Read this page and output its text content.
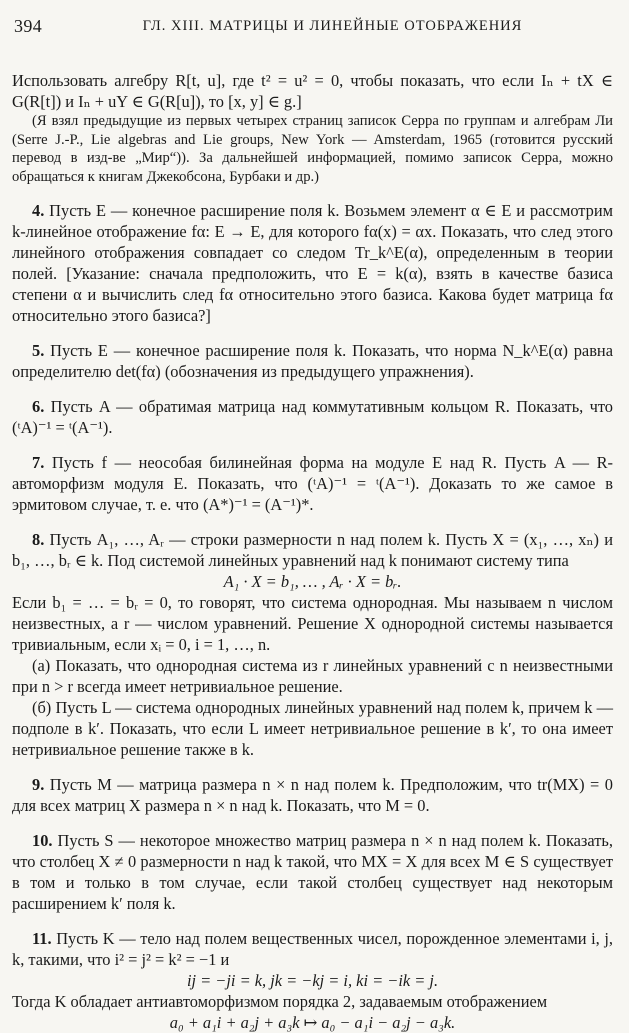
394	ГЛ. XIII. МАТРИЦЫ И ЛИНЕЙНЫЕ ОТОБРАЖЕНИЯ

Использовать алгебру R[t, u], где t² = u² = 0, чтобы показать, что если Iₙ + tX ∈ G(R[t]) и Iₙ + uY ∈ G(R[u]), то [x, y] ∈ g.]

(Я взял предыдущие из первых четырех страниц записок Серра по группам и алгебрам Ли (Serre J.-P., Lie algebras and Lie groups, New York — Amsterdam, 1965 (готовится русский перевод в изд-ве „Мир“)). За дальнейшей информацией, помимо записок Серра, можно обращаться к книгам Джекобсона, Бурбаки и др.)

4. Пусть E — конечное расширение поля k. Возьмем элемент α ∈ E и рассмотрим k-линейное отображение fα: E → E, для которого fα(x) = αx. Показать, что след этого линейного отображения совпадает со следом Tr_k^E(α), определенным в теории полей. [Указание: сначала предположить, что E = k(α), взять в качестве базиса степени α и вычислить след fα относительно этого базиса. Какова будет матрица fα относительно этого базиса?]

5. Пусть E — конечное расширение поля k. Показать, что норма N_k^E(α) равна определителю det(fα) (обозначения из предыдущего упражнения).

6. Пусть A — обратимая матрица над коммутативным кольцом R. Показать, что (ᵗA)⁻¹ = ᵗ(A⁻¹).

7. Пусть f — неособая билинейная форма на модуле E над R. Пусть A — R-автоморфизм модуля E. Показать, что (ᵗA)⁻¹ = ᵗ(A⁻¹). Доказать то же самое в эрмитовом случае, т. е. что (A*)⁻¹ = (A⁻¹)*.

8. Пусть A₁, …, Aᵣ — строки размерности n над полем k. Пусть X = (x₁, …, xₙ) и b₁, …, bᵣ ∈ k. Под системой линейных уравнений над k понимают систему типа

A₁ · X = b₁, … , Aᵣ · X = bᵣ.

Если b₁ = … = bᵣ = 0, то говорят, что система однородная. Мы называем n числом неизвестных, a r — числом уравнений. Решение X однородной системы называется тривиальным, если xᵢ = 0, i = 1, …, n.

(а) Показать, что однородная система из r линейных уравнений с n неизвестными при n > r всегда имеет нетривиальное решение.

(б) Пусть L — система однородных линейных уравнений над полем k, причем k — подполе в k′. Показать, что если L имеет нетривиальное решение в k′, то она имеет нетривиальное решение также в k.

9. Пусть M — матрица размера n × n над полем k. Предположим, что tr(MX) = 0 для всех матриц X размера n × n над k. Показать, что M = 0.

10. Пусть S — некоторое множество матриц размера n × n над полем k. Показать, что столбец X ≠ 0 размерности n над k такой, что MX = X для всех M ∈ S существует в том и только в том случае, если такой столбец существует над некоторым расширением k′ поля k.

11. Пусть K — тело над полем вещественных чисел, порожденное элементами i, j, k, такими, что i² = j² = k² = −1 и

ij = −ji = k, jk = −kj = i, ki = −ik = j.

Тогда K обладает антиавтоморфизмом порядка 2, задаваемым отображением

a₀ + a₁i + a₂j + a₃k ↦ a₀ − a₁i − a₂j − a₃k.
